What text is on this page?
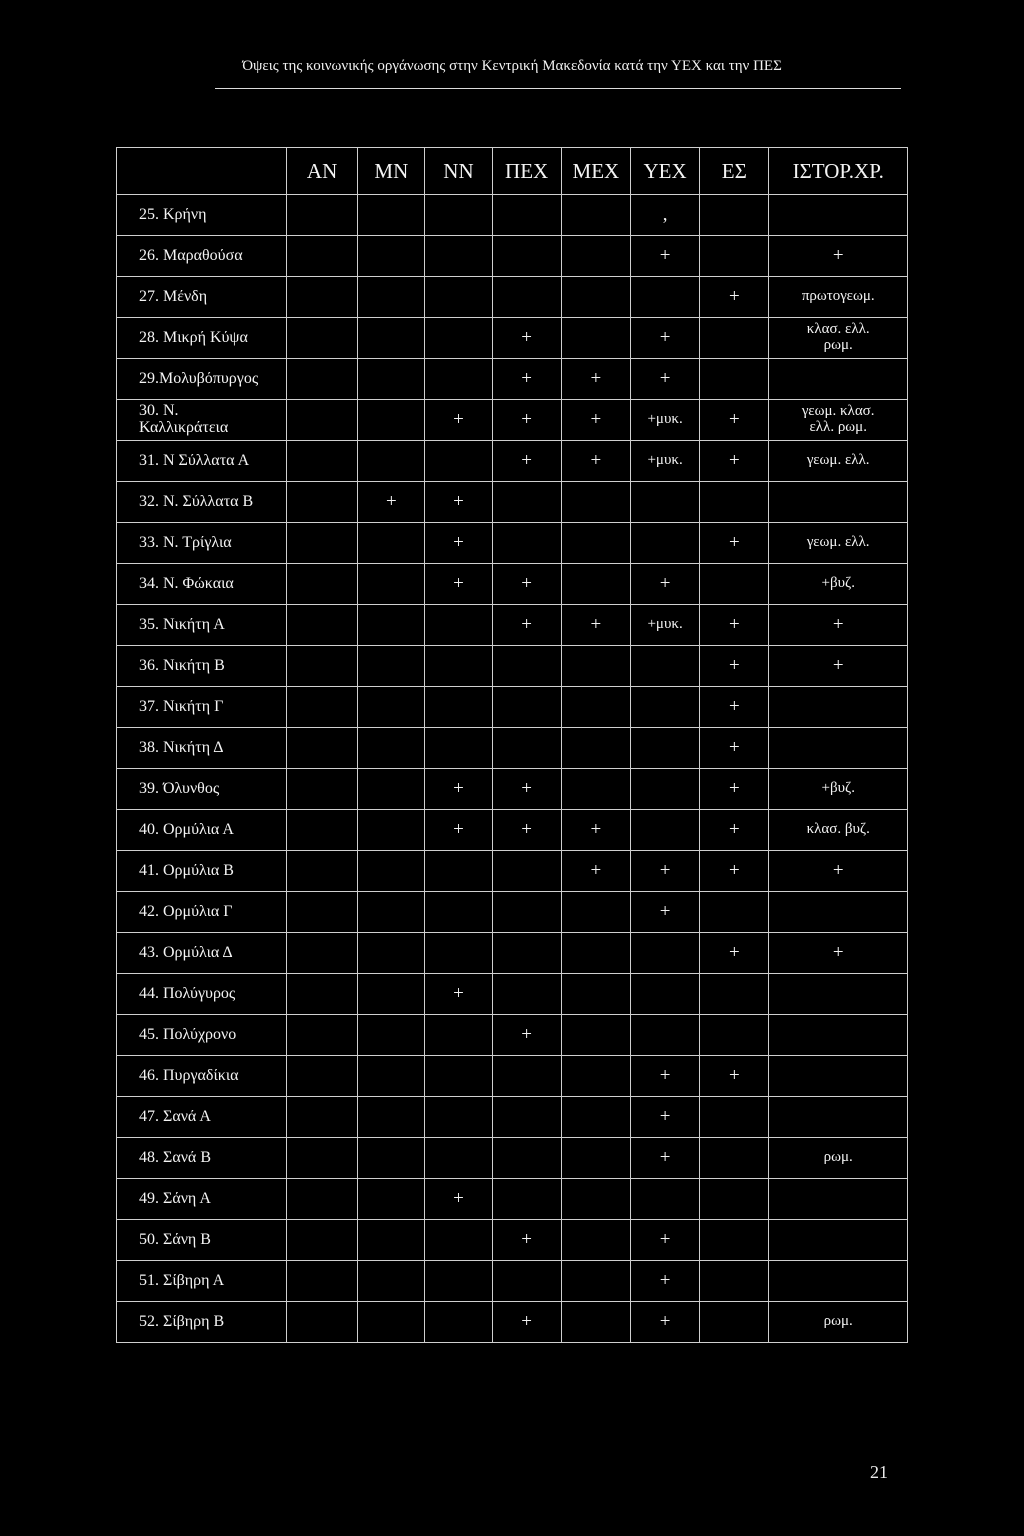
Όψεις της κοινωνικής οργάνωσης στην Κεντρική Μακεδονία κατά την ΥΕΧ και την ΠΕΣ
	ΑΝ	ΜΝ	ΝΝ	ΠΕΧ	ΜΕΧ	ΥΕΧ	ΕΣ	ΙΣΤΟΡ.ΧΡ.
25. Κρήνη						,		
26. Μαραθούσα						+		+
27. Μένδη							+	πρωτογεωμ.
28. Μικρή Κύψα				+		+		κλασ. ελλ.
ρωμ.
29.Μολυβόπυργος				+	+	+		
30. Ν.
Καλλικράτεια			+	+	+	+μυκ.	+	γεωμ. κλασ.
ελλ. ρωμ.
31. Ν Σύλλατα Α				+	+	+μυκ.	+	γεωμ. ελλ.
32. Ν. Σύλλατα Β		+	+					
33. Ν. Τρίγλια			+				+	γεωμ. ελλ.
34. Ν. Φώκαια			+	+		+		+βυζ.
35. Νικήτη Α				+	+	+μυκ.	+	+
36. Νικήτη Β							+	+
37. Νικήτη Γ							+	
38. Νικήτη Δ							+	
39. Όλυνθος			+	+			+	+βυζ.
40. Ορμύλια Α			+	+	+		+	κλασ. βυζ.
41. Ορμύλια Β					+	+	+	+
42. Ορμύλια Γ						+		
43. Ορμύλια Δ							+	+
44. Πολύγυρος			+					
45. Πολύχρονο				+				
46. Πυργαδίκια						+	+	
47. Σανά Α						+		
48. Σανά Β						+		ρωμ.
49. Σάνη Α			+					
50. Σάνη Β				+		+		
51. Σίβηρη Α						+		
52. Σίβηρη Β				+		+		ρωμ.
21
